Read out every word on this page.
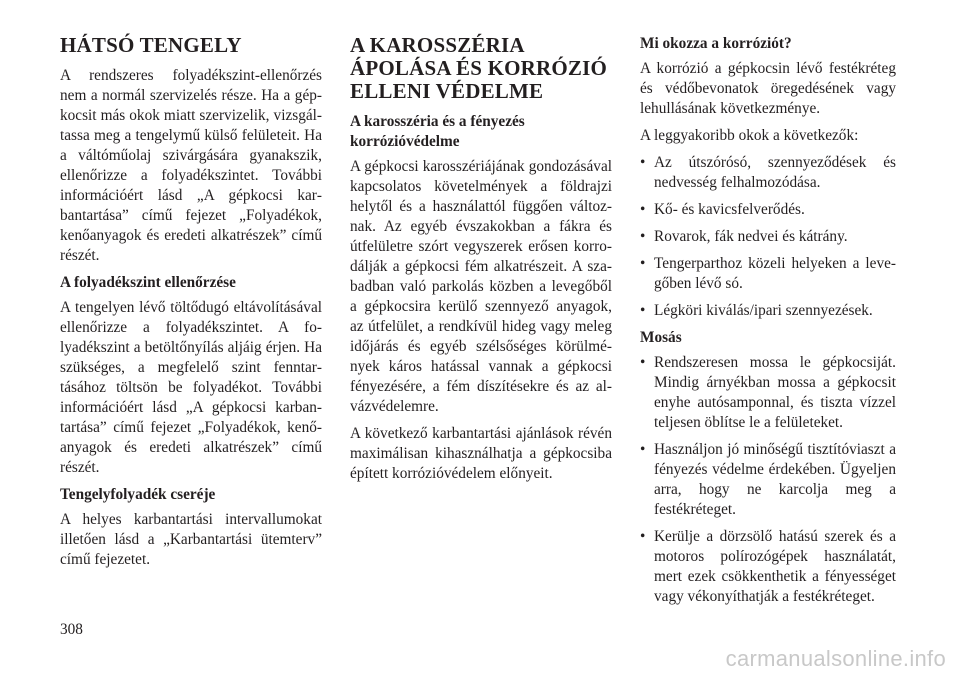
HÁTSÓ TENGELY

A rendszeres folyadékszint-ellenőrzés nem a normál szervizelés része. Ha a gépkocsit más okok miatt szervizelik, vizsgáltassa meg a tengelymű külső felületeit. Ha a váltóműolaj szivárgására gyanakszik, ellenőrizze a folyadékszintet. További információért lásd „A gépkocsi karbantartása” című fejezet „Folyadékok, kenőanyagok és eredeti alkatrészek” című részét.

A folyadékszint ellenőrzése

A tengelyen lévő töltődugó eltávolításával ellenőrizze a folyadékszintet. A folyadékszint a betöltőnyílás aljáig érjen. Ha szükséges, a megfelelő szint fenntartásához töltsön be folyadékot. További információért lásd „A gépkocsi karbantartása” című fejezet „Folyadékok, kenőanyagok és eredeti alkatrészek” című részét.

Tengelyfolyadék cseréje

A helyes karbantartási intervallumokat illetően lásd a „Karbantartási ütemterv” című fejezetet.

A KAROSSZÉRIA ÁPOLÁSA ÉS KORRÓZIÓ ELLENI VÉDELME
A karosszéria és a fényezés korrózióvédelme

A gépkocsi karosszériájának gondozásával kapcsolatos követelmények a földrajzi helytől és a használattól függően változnak. Az egyéb évszakokban a fákra és útfelületre szórt vegyszerek erősen korrodálják a gépkocsi fém alkatrészeit. A szabadban való parkolás közben a levegőből a gépkocsira kerülő szennyező anyagok, az útfelület, a rendkívül hideg vagy meleg időjárás és egyéb szélsőséges körülmények káros hatással vannak a gépkocsi fényezésére, a fém díszítésekre és az alvázvédelemre.

A következő karbantartási ajánlások révén maximálisan kihasználhatja a gépkocsiba épített korrózióvédelem előnyeit.

Mi okozza a korróziót?

A korrózió a gépkocsin lévő festékréteg és védőbevonatok öregedésének vagy lehullásának következménye.

A leggyakoribb okok a következők:

• Az útszórósó, szennyeződések és nedvesség felhalmozódása.
• Kő- és kavicsfelverődés.
• Rovarok, fák nedvei és kátrány.
• Tengerparthoz közeli helyeken a levegőben lévő só.
• Légköri kiválás/ipari szennyezések.
Mosás
• Rendszeresen mossa le gépkocsiját. Mindig árnyékban mossa a gépkocsit enyhe autósamponnal, és tiszta vízzel teljesen öblítse le a felületeket.
• Használjon jó minőségű tisztítóviaszt a fényezés védelme érdekében. Ügyeljen arra, hogy ne karcolja meg a festékréteget.
• Kerülje a dörzsölő hatású szerek és a motoros polírozógépek használatát, mert ezek csökkenthetik a fényességet vagy vékonyíthatják a festékréteget.
308
carmanualsonline.info
